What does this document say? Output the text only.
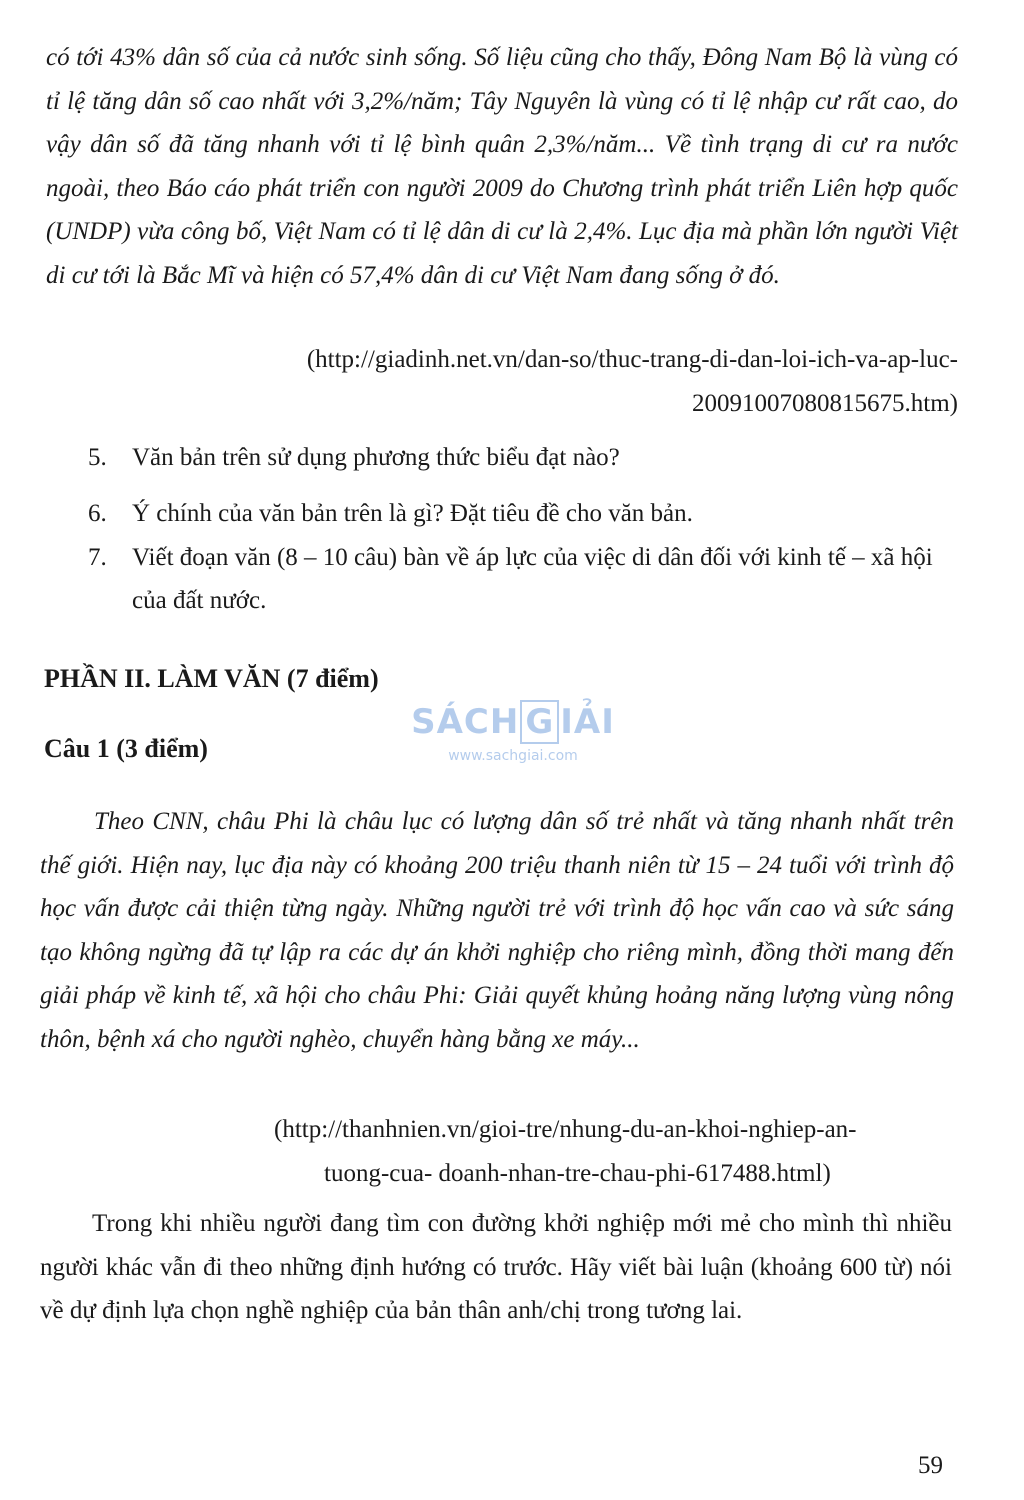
có tới 43% dân số của cả nước sinh sống. Số liệu cũng cho thấy, Đông Nam Bộ là vùng có tỉ lệ tăng dân số cao nhất với 3,2%/năm; Tây Nguyên là vùng có tỉ lệ nhập cư rất cao, do vậy dân số đã tăng nhanh với tỉ lệ bình quân 2,3%/năm... Về tình trạng di cư ra nước ngoài, theo Báo cáo phát triển con người 2009 do Chương trình phát triển Liên hợp quốc (UNDP) vừa công bố, Việt Nam có tỉ lệ dân di cư là 2,4%. Lục địa mà phần lớn người Việt di cư tới là Bắc Mĩ và hiện có 57,4% dân di cư Việt Nam đang sống ở đó.

(http://giadinh.net.vn/dan-so/thuc-trang-di-dan-loi-ich-va-ap-luc-
20091007080815675.htm)
5. Văn bản trên sử dụng phương thức biểu đạt nào?
6. Ý chính của văn bản trên là gì? Đặt tiêu đề cho văn bản.
7. Viết đoạn văn (8 – 10 câu) bàn về áp lực của việc di dân đối với kinh tế – xã hội của đất nước.
PHẦN II. LÀM VĂN (7 điểm)
Câu 1 (3 điểm)
SÁCH G IẢI
www.sachgiai.com

Theo CNN, châu Phi là châu lục có lượng dân số trẻ nhất và tăng nhanh nhất trên thế giới. Hiện nay, lục địa này có khoảng 200 triệu thanh niên từ 15 – 24 tuổi với trình độ học vấn được cải thiện từng ngày. Những người trẻ với trình độ học vấn cao và sức sáng tạo không ngừng đã tự lập ra các dự án khởi nghiệp cho riêng mình, đồng thời mang đến giải pháp về kinh tế, xã hội cho châu Phi: Giải quyết khủng hoảng năng lượng vùng nông thôn, bệnh xá cho người nghèo, chuyển hàng bằng xe máy...

(http://thanhnien.vn/gioi-tre/nhung-du-an-khoi-nghiep-an-
tuong-cua- doanh-nhan-tre-chau-phi-617488.html)

Trong khi nhiều người đang tìm con đường khởi nghiệp mới mẻ cho mình thì nhiều người khác vẫn đi theo những định hướng có trước. Hãy viết bài luận (khoảng 600 từ) nói về dự định lựa chọn nghề nghiệp của bản thân anh/chị trong tương lai.

59
